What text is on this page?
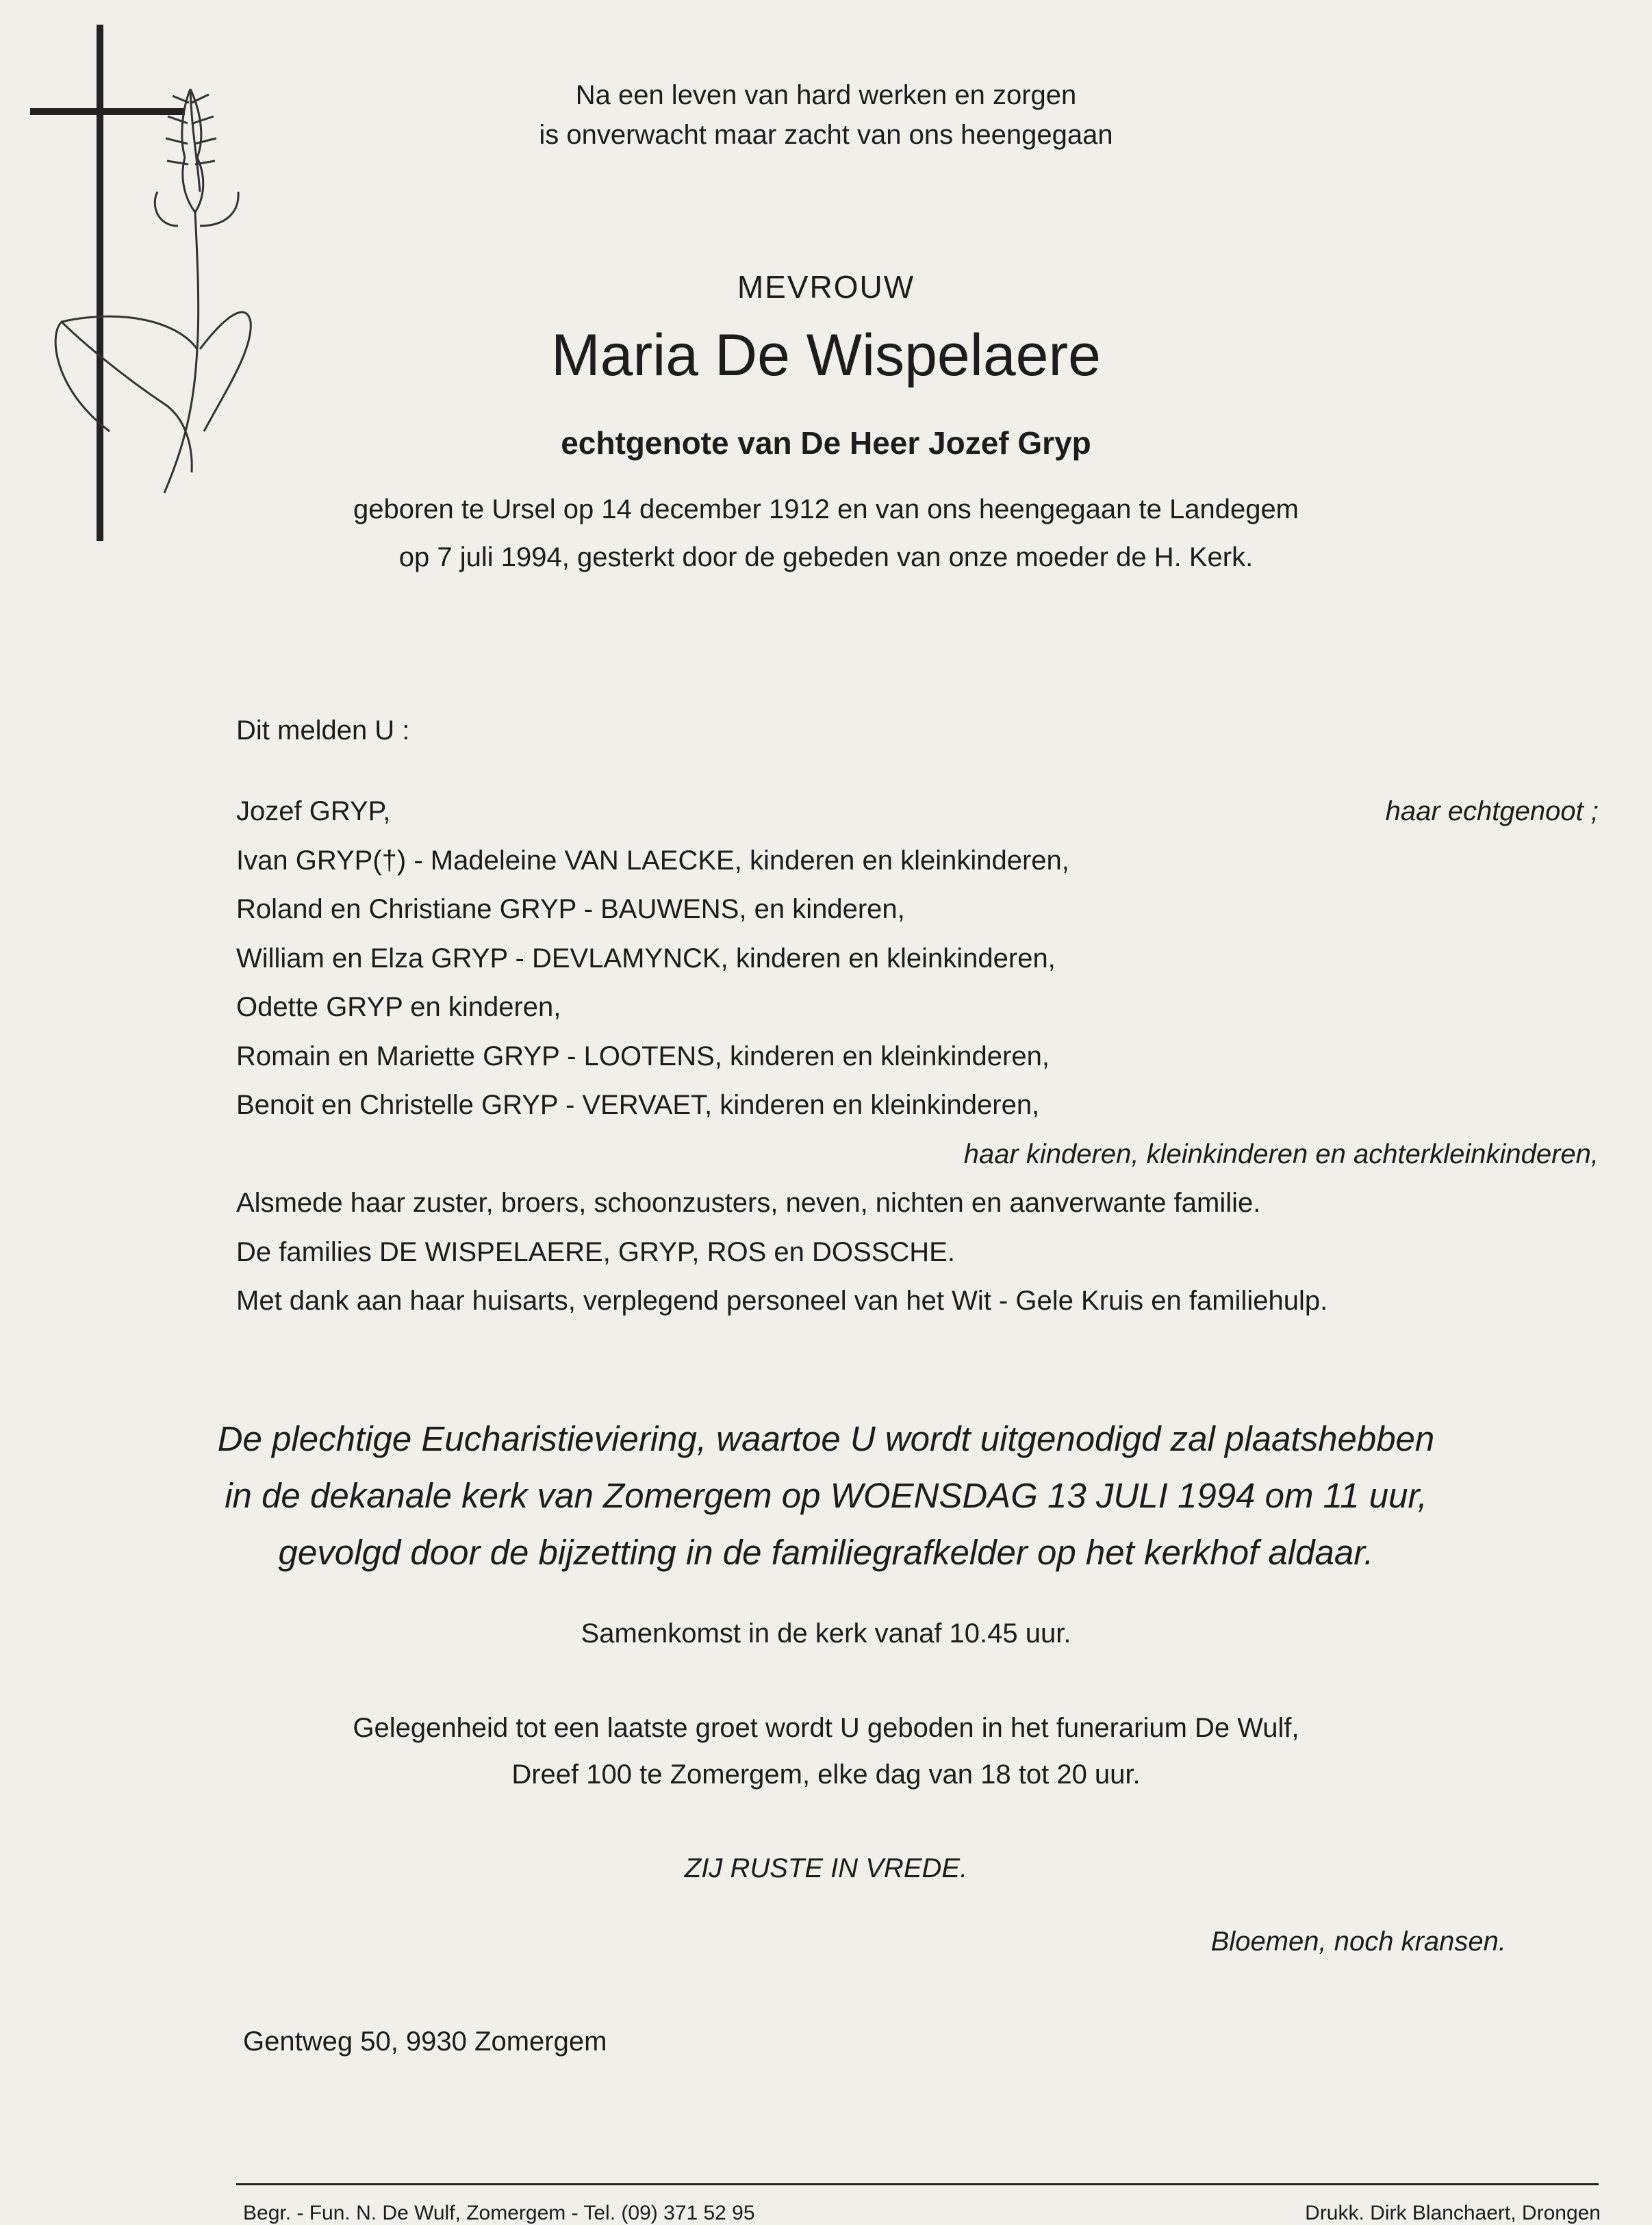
Na een leven van hard werken en zorgen
is onverwacht maar zacht van ons heengegaan
MEVROUW
Maria De Wispelaere
echtgenote van De Heer Jozef Gryp
geboren te Ursel op 14 december 1912 en van ons heengegaan te Landegem
op 7 juli 1994, gesterkt door de gebeden van onze moeder de H. Kerk.
Dit melden U :
Jozef GRYP,	haar echtgenoot ;
Ivan GRYP(†) - Madeleine VAN LAECKE, kinderen en kleinkinderen,
Roland en Christiane GRYP - BAUWENS, en kinderen,
William en Elza GRYP - DEVLAMYNCK, kinderen en kleinkinderen,
Odette GRYP en kinderen,
Romain en Mariette GRYP - LOOTENS, kinderen en kleinkinderen,
Benoit en Christelle GRYP - VERVAET, kinderen en kleinkinderen,
haar kinderen, kleinkinderen en achterkleinkinderen,
Alsmede haar zuster, broers, schoonzusters, neven, nichten en aanverwante familie.
De families DE WISPELAERE, GRYP, ROS en DOSSCHE.
Met dank aan haar huisarts, verplegend personeel van het Wit - Gele Kruis en familiehulp.
De plechtige Eucharistieviering, waartoe U wordt uitgenodigd zal plaatshebben
in de dekanale kerk van Zomergem op WOENSDAG 13 JULI 1994 om 11 uur,
gevolgd door de bijzetting in de familiegrafkelder op het kerkhof aldaar.
Samenkomst in de kerk vanaf 10.45 uur.
Gelegenheid tot een laatste groet wordt U geboden in het funerarium De Wulf,
Dreef 100 te Zomergem, elke dag van 18 tot 20 uur.
ZIJ RUSTE IN VREDE.
Bloemen, noch kransen.
Gentweg 50, 9930 Zomergem
Begr. - Fun. N. De Wulf, Zomergem - Tel. (09) 371 52 95	Drukk. Dirk Blanchaert, Drongen
